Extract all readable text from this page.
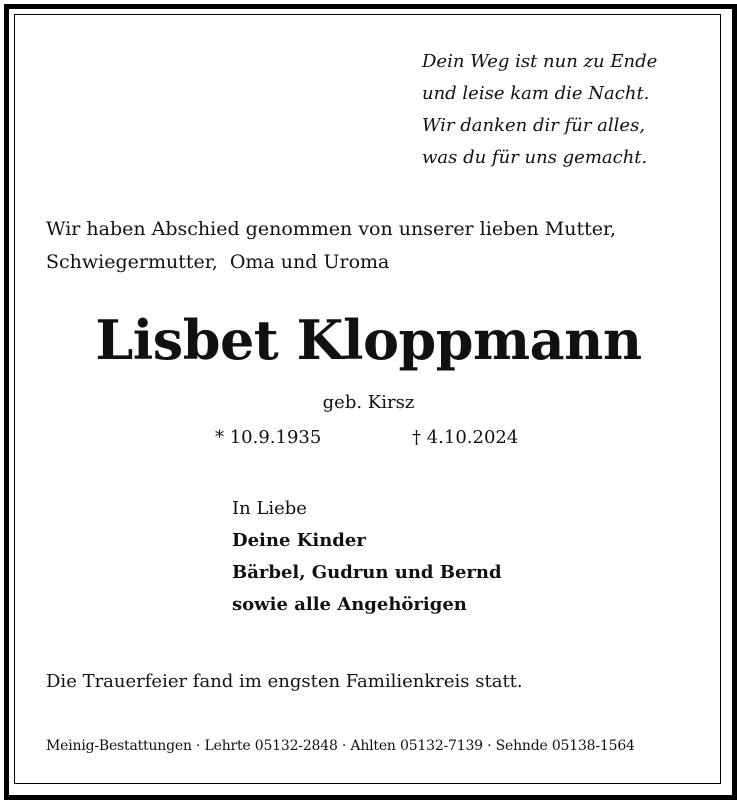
Dein Weg ist nun zu Ende
und leise kam die Nacht.
Wir danken dir für alles,
was du für uns gemacht.
Wir haben Abschied genommen von unserer lieben Mutter,
Schwiegermutter,  Oma und Uroma
Lisbet Kloppmann
geb. Kirsz
* 10.9.1935	† 4.10.2024
In Liebe
Deine Kinder
Bärbel, Gudrun und Bernd
sowie alle Angehörigen
Die Trauerfeier fand im engsten Familienkreis statt.
Meinig-Bestattungen · Lehrte 05132-2848 · Ahlten 05132-7139 · Sehnde 05138-1564
